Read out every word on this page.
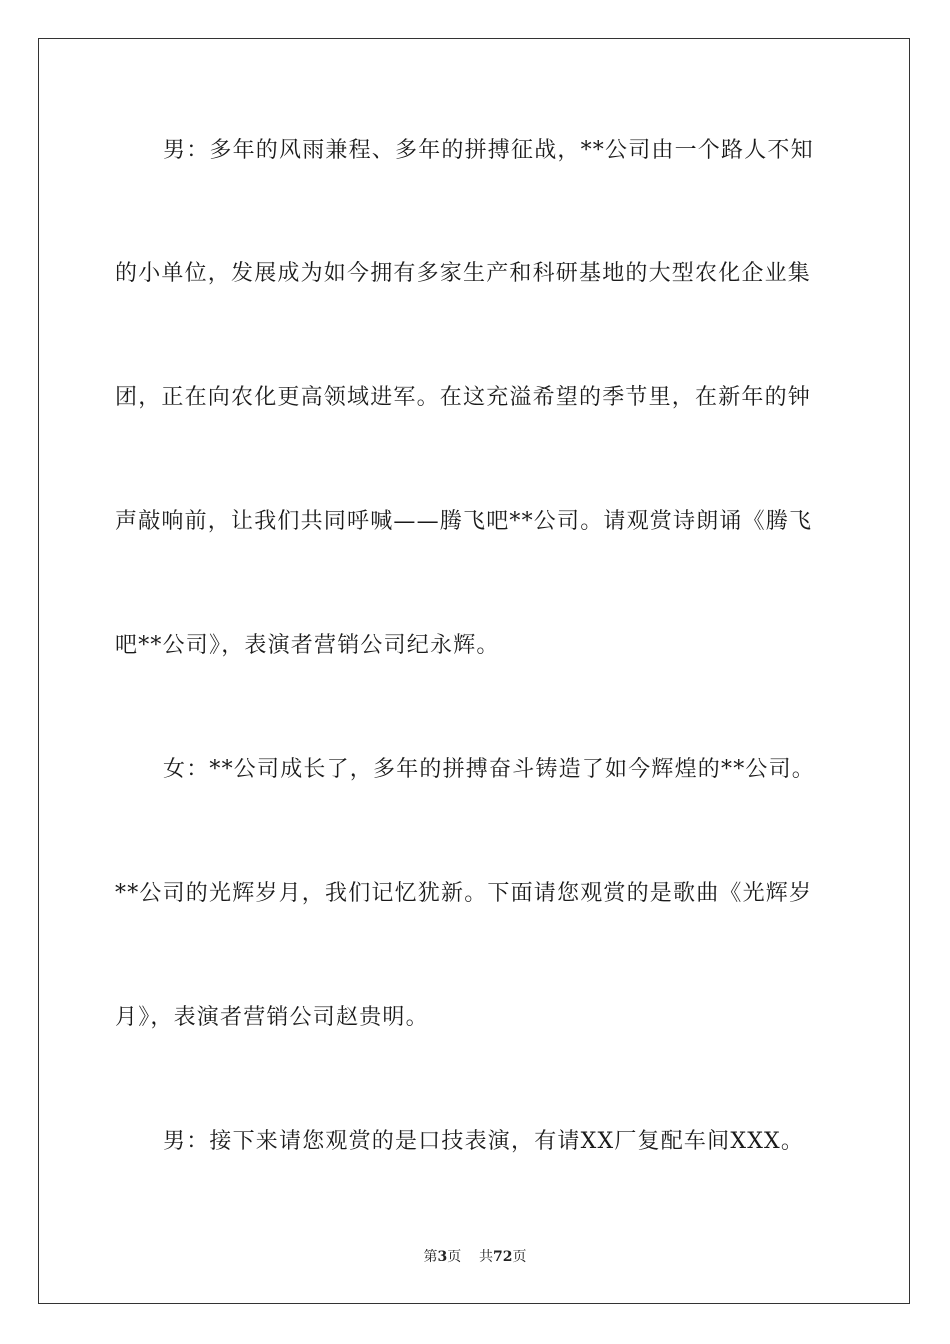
男：多年的风雨兼程、多年的拼搏征战，**公司由一个路人不知
的小单位，发展成为如今拥有多家生产和科研基地的大型农化企业集
团，正在向农化更高领域进军。在这充溢希望的季节里，在新年的钟
声敲响前，让我们共同呼喊——腾飞吧**公司。请观赏诗朗诵《腾飞
吧**公司》，表演者营销公司纪永辉。
女：**公司成长了，多年的拼搏奋斗铸造了如今辉煌的**公司。
**公司的光辉岁月，我们记忆犹新。下面请您观赏的是歌曲《光辉岁
月》，表演者营销公司赵贵明。
男：接下来请您观赏的是口技表演，有请XX厂复配车间XXX。
第3页 共72页
